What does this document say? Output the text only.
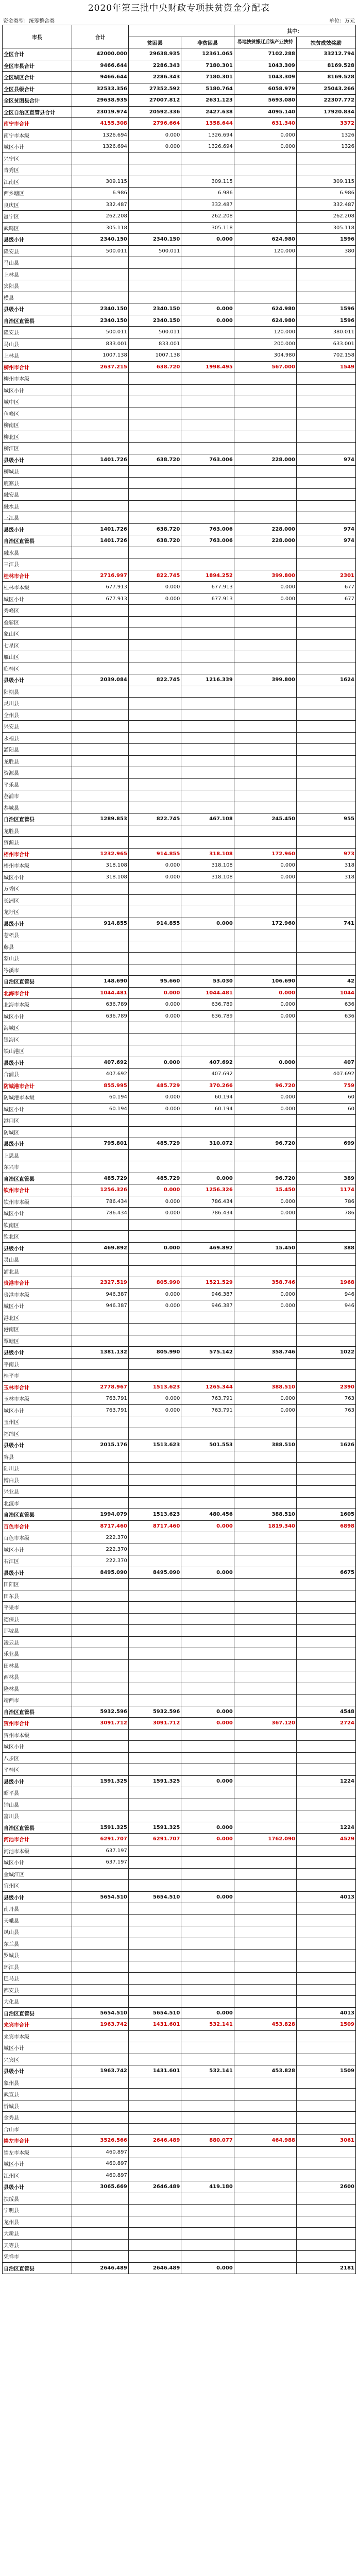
2020年第三批中央财政专项扶贫资金分配表
资金类型：统筹整合类	单位：万元
市县	合计			其中：	
		贫困县	非贫困县	易地扶贫搬迁后续产业扶持	扶贫成效奖励
全区合计	42000.000	29638.935	12361.065	7102.288	33212.794
全区市县合计	9466.644	2286.343	7180.301	1043.309	8169.528
全区城区合计	9466.644	2286.343	7180.301	1043.309	8169.528
全区县级合计	32533.356	27352.592	5180.764	6058.979	25043.266
全区贫困县合计	29638.935	27007.812	2631.123	5693.080	22307.772
全区自治区直管县合计	23019.974	20592.336	2427.638	4095.140	17920.834
南宁市合计	4155.308	2796.664	1358.644	631.340	3372
南宁市本级	1326.694	0.000	1326.694	0.000	1326
城区小计	1326.694	0.000	1326.694	0.000	1326
兴宁区					
青秀区					
江南区	309.115		309.115		309.115
西乡塘区	6.986		6.986		6.986
良庆区	332.487		332.487		332.487
邕宁区	262.208		262.208		262.208
武鸣区	305.118		305.118		305.118
县级小计	2340.150	2340.150	0.000	624.980	1596
隆安县	500.011	500.011		120.000	380
马山县					
上林县					
宾阳县					
横县					
县级小计	2340.150	2340.150	0.000	624.980	1596
自治区直管县	2340.150	2340.150	0.000	624.980	1596
隆安县	500.011	500.011		120.000	380.011
马山县	833.001	833.001		200.000	633.001
上林县	1007.138	1007.138		304.980	702.158
柳州市合计	2637.215	638.720	1998.495	567.000	1549
柳州市本级					
城区小计					
城中区					
鱼峰区					
柳南区					
柳北区					
柳江区					
县级小计	1401.726	638.720	763.006	228.000	974
柳城县					
鹿寨县					
融安县					
融水县					
三江县					
县级小计	1401.726	638.720	763.006	228.000	974
自治区直管县	1401.726	638.720	763.006	228.000	974
融水县					
三江县					
桂林市合计	2716.997	822.745	1894.252	399.800	2301
桂林市本级	677.913	0.000	677.913	0.000	677
城区小计	677.913	0.000	677.913	0.000	677
秀峰区					
叠彩区					
象山区					
七星区					
雁山区					
临桂区					
县级小计	2039.084	822.745	1216.339	399.800	1624
阳朔县					
灵川县					
全州县					
兴安县					
永福县					
灌阳县					
龙胜县					
资源县					
平乐县					
荔浦市					
恭城县					
自治区直管县	1289.853	822.745	467.108	245.450	955
龙胜县					
资源县					
梧州市合计	1232.965	914.855	318.108	172.960	973
梧州市本级	318.108	0.000	318.108	0.000	318
城区小计	318.108	0.000	318.108	0.000	318
万秀区					
长洲区					
龙圩区					
县级小计	914.855	914.855	0.000	172.960	741
苍梧县					
藤县					
蒙山县					
岑溪市					
自治区直管县	148.690	95.660	53.030	106.690	42
北海市合计	1044.481	0.000	1044.481	0.000	1044
北海市本级	636.789	0.000	636.789	0.000	636
城区小计	636.789	0.000	636.789	0.000	636
海城区					
银海区					
铁山港区					
县级小计	407.692	0.000	407.692	0.000	407
合浦县	407.692		407.692		407.692
防城港市合计	855.995	485.729	370.266	96.720	759
防城港市本级	60.194	0.000	60.194	0.000	60
城区小计	60.194	0.000	60.194	0.000	60
港口区					
防城区					
县级小计	795.801	485.729	310.072	96.720	699
上思县					
东兴市					
自治区直管县	485.729	485.729	0.000	96.720	389
钦州市合计	1256.326	0.000	1256.326	15.450	1174
钦州市本级	786.434	0.000	786.434	0.000	786
城区小计	786.434	0.000	786.434	0.000	786
钦南区					
钦北区					
县级小计	469.892	0.000	469.892	15.450	388
灵山县					
浦北县					
贵港市合计	2327.519	805.990	1521.529	358.746	1968
贵港市本级	946.387	0.000	946.387	0.000	946
城区小计	946.387	0.000	946.387	0.000	946
港北区					
港南区					
覃塘区					
县级小计	1381.132	805.990	575.142	358.746	1022
平南县					
桂平市					
玉林市合计	2778.967	1513.623	1265.344	388.510	2390
玉林市本级	763.791	0.000	763.791	0.000	763
城区小计	763.791	0.000	763.791	0.000	763
玉州区					
福绵区					
县级小计	2015.176	1513.623	501.553	388.510	1626
容县					
陆川县					
博白县					
兴业县					
北流市					
自治区直管县	1994.079	1513.623	480.456	388.510	1605
百色市合计	8717.460	8717.460	0.000	1819.340	6898
百色市本级	222.370				
城区小计	222.370				
右江区	222.370				
县级小计	8495.090	8495.090	0.000		6675
田阳区					
田东县					
平果市					
德保县					
那坡县					
凌云县					
乐业县					
田林县					
西林县					
隆林县					
靖西市					
自治区直管县	5932.596	5932.596	0.000		4548
贺州市合计	3091.712	3091.712	0.000	367.120	2724
贺州市本级					
城区小计					
八步区					
平桂区					
县级小计	1591.325	1591.325	0.000		1224
昭平县					
钟山县					
富川县					
自治区直管县	1591.325	1591.325	0.000		1224
河池市合计	6291.707	6291.707	0.000	1762.090	4529
河池市本级	637.197				
城区小计	637.197				
金城江区					
宜州区					
县级小计	5654.510	5654.510	0.000		4013
南丹县					
天峨县					
凤山县					
东兰县					
罗城县					
环江县					
巴马县					
都安县					
大化县					
自治区直管县	5654.510	5654.510	0.000		4013
来宾市合计	1963.742	1431.601	532.141	453.828	1509
来宾市本级					
城区小计					
兴宾区					
县级小计	1963.742	1431.601	532.141	453.828	1509
象州县					
武宣县					
忻城县					
金秀县					
合山市					
崇左市合计	3526.566	2646.489	880.077	464.988	3061
崇左市本级	460.897				
城区小计	460.897				
江州区	460.897				
县级小计	3065.669	2646.489	419.180		2600
扶绥县					
宁明县					
龙州县					
大新县					
天等县					
凭祥市					
自治区直管县	2646.489	2646.489	0.000		2181
